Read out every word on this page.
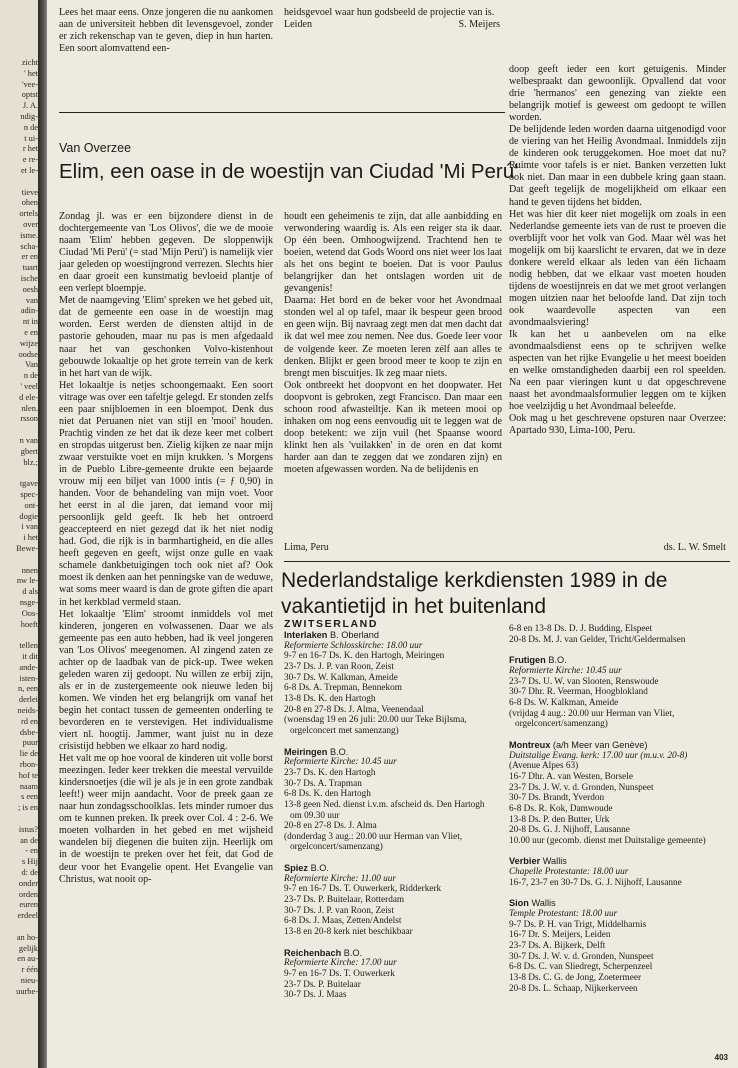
zicht
' het
'vee-
optst
J. A.
ndig-
n de
t ui-
r het
e re-
et le-
tieve
ohen
ortels
over
isme.
scha-
er en
tuart
ische
oesh
van
adin-
nt in
e en
wijze
oodse
Van
n de
' veel
d ele-
nlen.
rsson
n van
gbert
blz.;
tgave
spec-
ont-
dogie
i van
i het
Bewe-
nnen
nw le-
d als
nsge-
Oos-
hoeft
tellen
it dit
ande-
isten-
n, een
derlei
neids-
rd en
dsbe-
puur
lie de
rbon-
hof te
naam
s een
; is en
istus?
an de
- en
s Hij
d: de
onder
orden
euren
erdeel
an ho-
gelijk
en au-
r één
nieu-
uurbe-

Lees het maar eens. Onze jongeren die nu aankomen aan de universiteit hebben dit levensgevoel, zonder er zich rekenschap van te geven, diep in hun harten. Een soort alomvattend een-

heidsgevoel waar hun godsbeeld de projectie van is.

Leiden	S. Meijers
Van Overzee
Elim, een oase in de woestijn van Ciudad 'Mi Perú'

Zondag jl. was er een bijzondere dienst in de dochtergemeente van 'Los Olivos', die we de mooie naam 'Elim' hebben gegeven. De sloppenwijk Ciudad 'Mi Perú' (= stad 'Mijn Perú') is namelijk vier jaar geleden op woestijngrond verrezen. Slechts hier en daar groeit een kunstmatig bevloeid plantje of een verlept bloempje.

Met de naamgeving 'Elim' spreken we het gebed uit, dat de gemeente een oase in de woestijn mag worden. Eerst werden de diensten altijd in de pastorie gehouden, maar nu pas is men afgedaald naar het van geschonken Volvo-kistenhout gebouwde lokaaltje op het grote terrein van de kerk in het hart van de wijk.

Het lokaaltje is netjes schoongemaakt. Een soort vitrage was over een tafeltje gelegd. Er stonden zelfs een paar snijbloemen in een bloempot. Denk dus niet dat Peruanen niet van stijl en 'mooi' houden. Prachtig vinden ze het dat ik deze keer met colbert en stropdas uitgerust ben. Zielig kijken ze naar mijn zwaar verstuikte voet en mijn krukken. 's Morgens in de Pueblo Libre-gemeente drukte een bejaarde vrouw mij een biljet van 1000 intis (= ƒ 0,90) in handen. Voor de behandeling van mijn voet. Voor het eerst in al die jaren, dat iemand voor mij persoonlijk geld geeft. Ik heb het ontroerd geaccepteerd en niet gezegd dat ik het niet nodig had. God, die rijk is in barmhartigheid, en die alles heeft gegeven en geeft, wijst onze gulle en vaak schamele dankbetuigingen toch ook niet af? Ook moest ik denken aan het penningske van de weduwe, wat soms meer waard is dan de grote giften die apart in het kerkblad vermeld staan.

Het lokaaltje 'Elim' stroomt inmiddels vol met kinderen, jongeren en volwassenen. Daar we als gemeente pas een auto hebben, had ik veel jongeren van 'Los Olivos' meegenomen. Al zingend zaten ze achter op de laadbak van de pick-up. Twee weken geleden waren zij gedoopt. Nu willen ze erbij zijn, als er in de zustergemeente ook nieuwe leden bij komen. We vinden het erg belangrijk om vanaf het begin het contact tussen de gemeenten onderling te bevorderen en te verstevigen. Het individualisme viert nl. hoogtij. Jammer, want juist nu in deze crisistijd hebben we elkaar zo hard nodig.

Het valt me op hoe vooral de kinderen uit volle borst meezingen. Ieder keer trekken die meestal vervuilde kindersnoetjes (die wil je als je in een grote zandbak leeft!) weer mijn aandacht. Voor de preek gaan ze naar hun zondagsschoolklas. Iets minder rumoer dus om te kunnen preken. Ik preek over Col. 4 : 2-6. We moeten volharden in het gebed en met wijsheid wandelen bij diegenen die buiten zijn. Heerlijk om in de woestijn te preken over het feit, dat God de deur voor het Evangelie opent. Het Evangelie van Christus, wat nooit op-

houdt een geheimenis te zijn, dat alle aanbidding en verwondering waardig is. Als een reiger sta ik daar. Op één been. Omhoogwijzend. Trachtend hen te boeien, wetend dat Gods Woord ons niet weer los laat als het ons begint te boeien. Dat is voor Paulus belangrijker dan het ontslagen worden uit de gevangenis!

Daarna: Het bord en de beker voor het Avondmaal stonden wel al op tafel, maar ik bespeur geen brood en geen wijn. Bij navraag zegt men dat men dacht dat ik dat wel mee zou nemen. Nee dus. Goede leer voor de volgende keer. Ze moeten leren zélf aan alles te denken. Blijkt er geen brood meer te koop te zijn en brengt men biscuitjes. Ik zeg maar niets.

Ook ontbreekt het doopvont en het doopwater. Het doopvont is gebroken, zegt Francisco. Dan maar een schoon rood afwasteiltje. Kan ik meteen mooi op inhaken om nog eens eenvoudig uit te leggen wat de doop betekent: we zijn vuil (het Spaanse woord klinkt hen als 'vuilakken' in de oren en dat komt harder aan dan te zeggen dat we zondaren zijn) en moeten afgewassen worden. Na de belijdenis en

doop geeft ieder een kort getuigenis. Minder welbespraakt dan gewoonlijk. Opvallend dat voor drie 'hermanos' een genezing van ziekte een belangrijk motief is geweest om gedoopt te willen worden.

De belijdende leden worden daarna uitgenodigd voor de viering van het Heilig Avondmaal. Inmiddels zijn de kinderen ook teruggekomen. Hoe moet dat nu? Ruimte voor tafels is er niet. Banken verzetten lukt ook niet. Dan maar in een dubbele kring gaan staan. Dat geeft tegelijk de mogelijkheid om elkaar een hand te geven tijdens het bidden.

Het was hier dit keer niet mogelijk om zoals in een Nederlandse gemeente iets van de rust te proeven die overblijft voor het volk van God. Maar wèl was het mogelijk om bij kaarslicht te ervaren, dat we in deze donkere wereld elkaar als leden van één lichaam nodig hebben, dat we elkaar vast moeten houden tijdens de woestijnreis en dat we met groot verlangen mogen uitzien naar het beloofde land. Dat zijn toch ook waardevolle aspecten van een avondmaalsviering!

Ik kan het u aanbevelen om na elke avondmaalsdienst eens op te schrijven welke aspecten van het rijke Evangelie u het meest boeiden en welke omstandigheden daarbij een rol speelden. Na een paar vieringen kunt u dat opgeschrevene naast het avondmaalsformulier leggen om te kijken hoe veelzijdig u het Avondmaal beleefde.

Ook mag u het geschrevene opsturen naar Overzee: Apartado 930, Lima-100, Peru.

Lima, Peru	ds. L. W. Smelt
Nederlandstalige kerkdiensten 1989 in de vakantietijd in het buitenland
ZWITSERLAND
Interlaken B. Oberland
Reformierte Schlosskirche: 18.00 uur
9-7 en 16-7 Ds. K. den Hartogh, Meiringen
23-7 Ds. J. P. van Roon, Zeist
30-7 Ds. W. Kalkman, Ameide
6-8 Ds. A. Trepman, Bennekom
13-8 Ds. K. den Hartogh
20-8 en 27-8 Ds. J. Alma, Veenendaal
(woensdag 19 en 26 juli: 20.00 uur Teke Bijlsma, orgelconcert met samenzang)
Meiringen B.O.
Reformierte Kirche: 10.45 uur
23-7 Ds. K. den Hartogh
30-7 Ds. A. Trapman
6-8 Ds. K. den Hartogh
13-8 geen Ned. dienst i.v.m. afscheid ds. Den Hartogh om 09.30 uur
20-8 en 27-8 Ds. J. Alma
(donderdag 3 aug.: 20.00 uur Herman van Vliet, orgelconcert/samenzang)
Spiez B.O.
Reformierte Kirche: 11.00 uur
9-7 en 16-7 Ds. T. Ouwerkerk, Ridderkerk
23-7 Ds. P. Buitelaar, Rotterdam
30-7 Ds. J. P. van Roon, Zeist
6-8 Ds. J. Maas, Zetten/Andelst
13-8 en 20-8 kerk niet beschikbaar
Reichenbach B.O.
Reformierte Kirche: 17.00 uur
9-7 en 16-7 Ds. T. Ouwerkerk
23-7 Ds. P. Buitelaar
30-7 Ds. J. Maas
6-8 en 13-8 Ds. D. J. Budding, Elspeet
20-8 Ds. M. J. van Gelder, Tricht/Geldermalsen
Frutigen B.O.
Reformierte Kirche: 10.45 uur
23-7 Ds. U. W. van Slooten, Renswoude
30-7 Dhr. R. Veerman, Hoogblokland
6-8 Ds. W. Kalkman, Ameide
(vrijdag 4 aug.: 20.00 uur Herman van Vliet, orgelconcert/samenzang)
Montreux (a/h Meer van Genève)
Duitstalige Evang. kerk: 17.00 uur (m.u.v. 20-8)
(Avenue Alpes 63)
16-7 Dhr. A. van Westen, Borsele
23-7 Ds. J. W. v. d. Gronden, Nunspeet
30-7 Ds. Brandt, Yverdon
6-8 Ds. R. Kok, Damwoude
13-8 Ds. P. den Butter, Urk
20-8 Ds. G. J. Nijhoff, Lausanne
10.00 uur (gecomb. dienst met Duitstalige gemeente)
Verbier Wallis
Chapelle Protestante: 18.00 uur
16-7, 23-7 en 30-7 Ds. G. J. Nijhoff, Lausanne
Sion Wallis
Temple Protestant: 18.00 uur
9-7 Ds. P. H. van Trigt, Middelharnis
16-7 Dr. S. Meijers, Leiden
23-7 Ds. A. Bijkerk, Delft
30-7 Ds. J. W. v. d. Gronden, Nunspeet
6-8 Ds. C. van Sliedregt, Scherpenzeel
13-8 Ds. C. G. de Jong, Zoetermeer
20-8 Ds. L. Schaap, Nijkerkerveen
403
